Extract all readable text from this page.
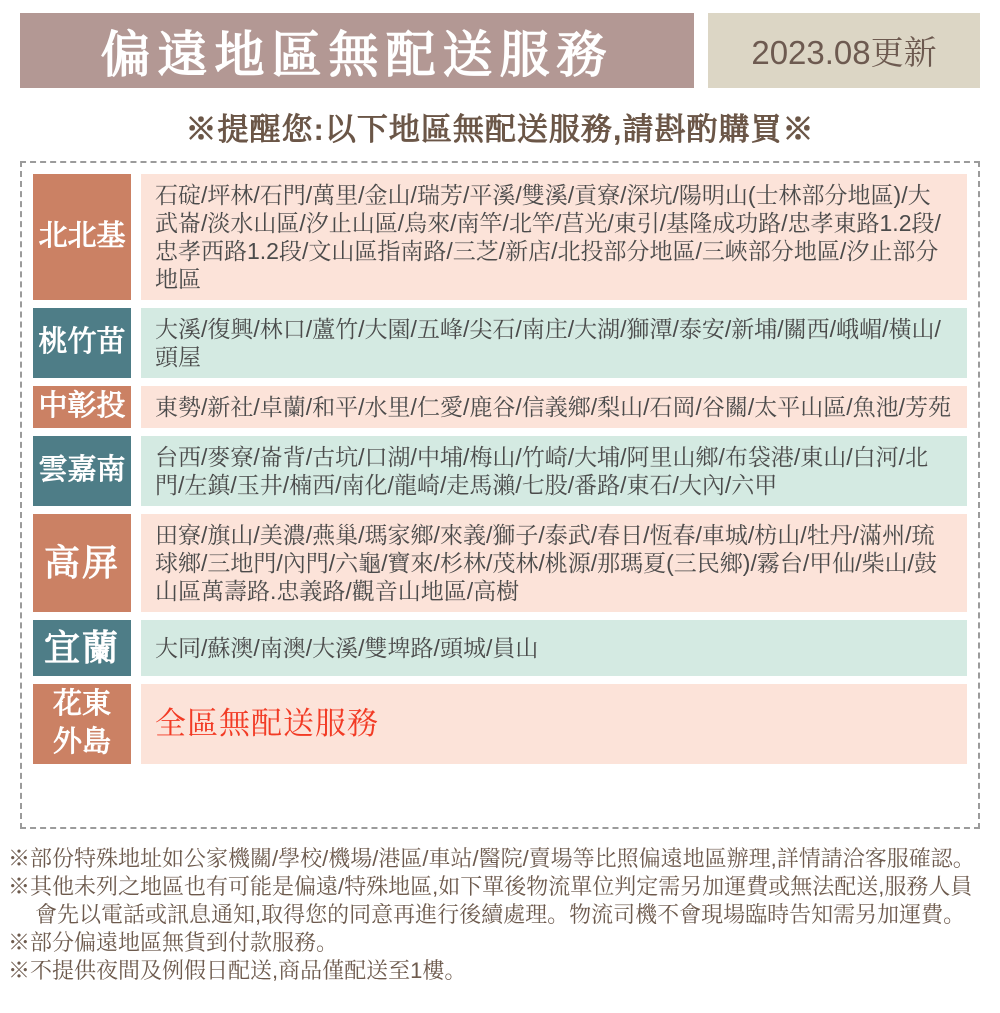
偏遠地區無配送服務	2023.08更新
※提醒您:以下地區無配送服務,請斟酌購買※
北北基
石碇/坪林/石門/萬里/金山/瑞芳/平溪/雙溪/貢寮/深坑/陽明山(士林部分地區)/大武崙/淡水山區/汐止山區/烏來/南竿/北竿/莒光/東引/基隆成功路/忠孝東路1.2段/忠孝西路1.2段/文山區指南路/三芝/新店/北投部分地區/三峽部分地區/汐止部分地區
桃竹苗 大溪/復興/林口/蘆竹/大園/五峰/尖石/南庄/大湖/獅潭/泰安/新埔/關西/峨嵋/橫山/頭屋
中彰投 東勢/新社/卓蘭/和平/水里/仁愛/鹿谷/信義鄉/梨山/石岡/谷關/太平山區/魚池/芳苑
雲嘉南 台西/麥寮/崙背/古坑/口湖/中埔/梅山/竹崎/大埔/阿里山鄉/布袋港/東山/白河/北門/左鎮/玉井/楠西/南化/龍崎/走馬瀨/七股/番路/東石/大內/六甲
高屏
田寮/旗山/美濃/燕巢/瑪家鄉/來義/獅子/泰武/春日/恆春/車城/枋山/牡丹/滿州/琉球鄉/三地門/內門/六龜/寶來/杉林/茂林/桃源/那瑪夏(三民鄉)/霧台/甲仙/柴山/鼓山區萬壽路.忠義路/觀音山地區/高樹
宜蘭	大同/蘇澳/南澳/大溪/雙埤路/頭城/員山
花東外島
全區無配送服務

※部份特殊地址如公家機關/學校/機場/港區/車站/醫院/賣場等比照偏遠地區辦理,詳情請洽客服確認。

※其他未列之地區也有可能是偏遠/特殊地區,如下單後物流單位判定需另加運費或無法配送,服務人員會先以電話或訊息通知,取得您的同意再進行後續處理。物流司機不會現場臨時告知需另加運費。

※部分偏遠地區無貨到付款服務。

※不提供夜間及例假日配送,商品僅配送至1樓。
